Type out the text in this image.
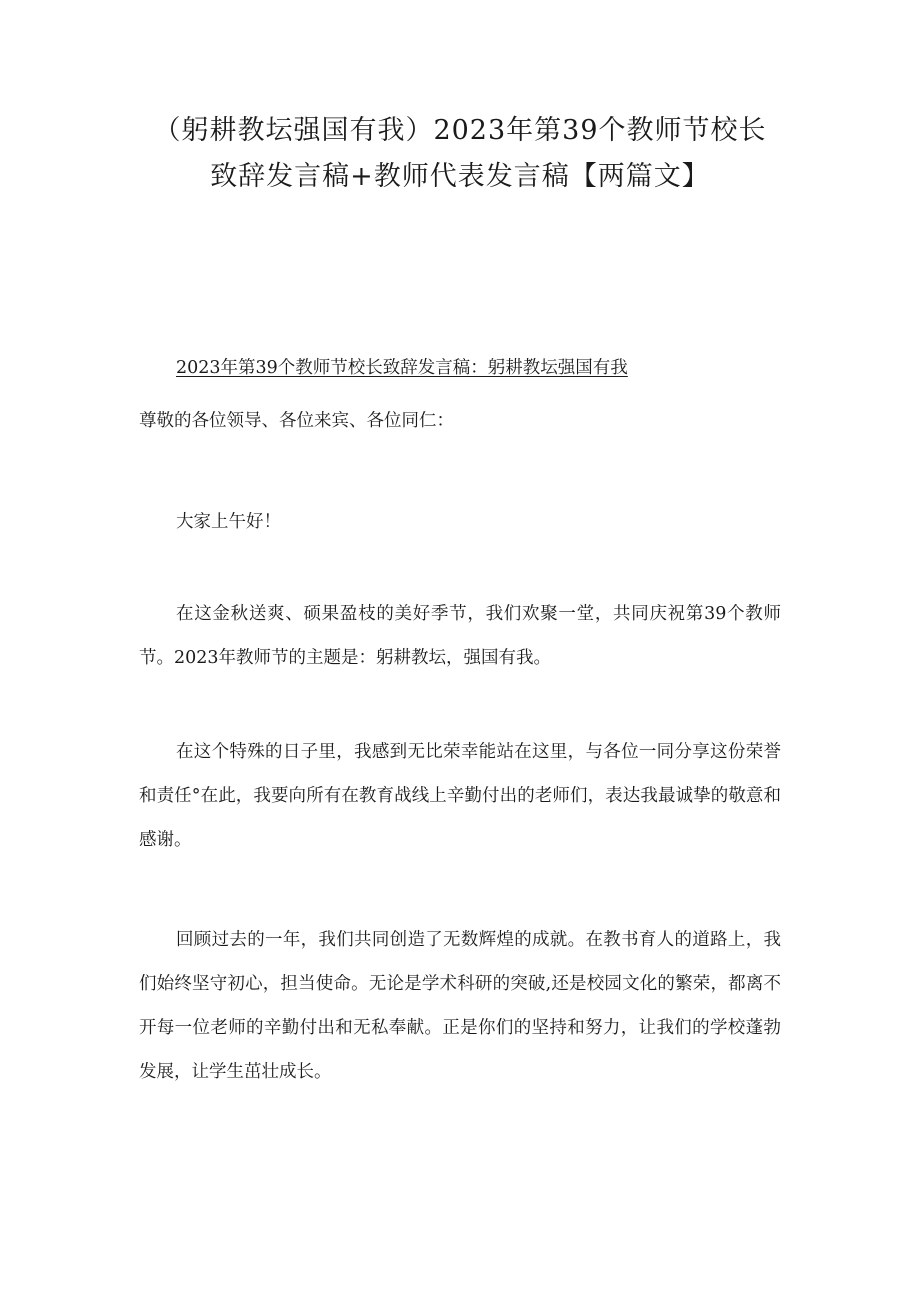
（躬耕教坛强国有我）2023年第39个教师节校长致辞发言稿+教师代表发言稿【两篇文】
2023年第39个教师节校长致辞发言稿：躬耕教坛强国有我

尊敬的各位领导、各位来宾、各位同仁：

大家上午好！

在这金秋送爽、硕果盈枝的美好季节，我们欢聚一堂，共同庆祝第39个教师节。2023年教师节的主题是：躬耕教坛，强国有我。

在这个特殊的日子里，我感到无比荣幸能站在这里，与各位一同分享这份荣誉和责任°在此，我要向所有在教育战线上辛勤付出的老师们，表达我最诚挚的敬意和感谢。

回顾过去的一年，我们共同创造了无数辉煌的成就。在教书育人的道路上，我们始终坚守初心，担当使命。无论是学术科研的突破,还是校园文化的繁荣，都离不开每一位老师的辛勤付出和无私奉献。正是你们的坚持和努力，让我们的学校蓬勃发展，让学生茁壮成长。
